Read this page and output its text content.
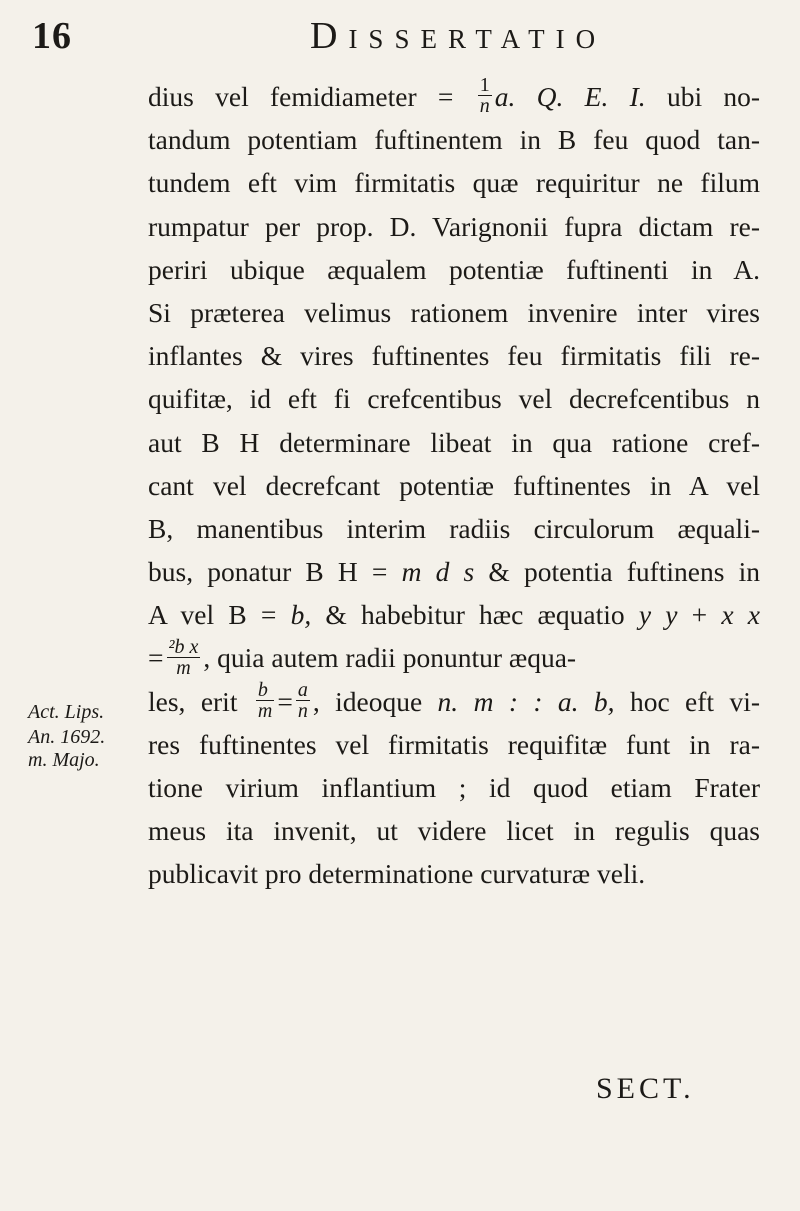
16	Dissertatio
dius vel femidiameter = $\frac{1}{n} a$. Q. E. I. ubi no-
tandum potentiam fuftinentem in B feu quod tan-
tundem eft vim firmitatis quæ requiritur ne filum
rumpatur per prop. D. Varignonii fupra dictam re-
periri ubique æqualem potentiæ fuftinenti in A.
Si præterea velimus rationem invenire inter vires
inflantes & vires fuftinentes feu firmitatis fili re-
quifitæ, id eft fi crefcentibus vel decrefcentibus n
aut B H determinare libeat in qua ratione cref-
cant vel decrefcant potentiæ fuftinentes in A vel
B, manentibus interim radiis circulorum æquali-
bus, ponatur B H = m d s & potentia fuftinens in
A vel B = b, & habebitur hæc æquatio y y + x x
= $\frac{\text{²b x}}{m}$ , quia autem radii ponuntur æqua-
les, erit $\frac{b}{m} = \frac{a}{n}$ , ideoque n. m : : a. b, hoc eft vi-
res fuftinentes vel firmitatis requifitæ funt in ra-
tione virium inflantium ; id quod etiam Frater
meus ita invenit, ut videre licet in regulis quas
publicavit pro determinatione curvaturæ veli.
Act. Lips.
An. 1692.
m. Majo.
SECT.
